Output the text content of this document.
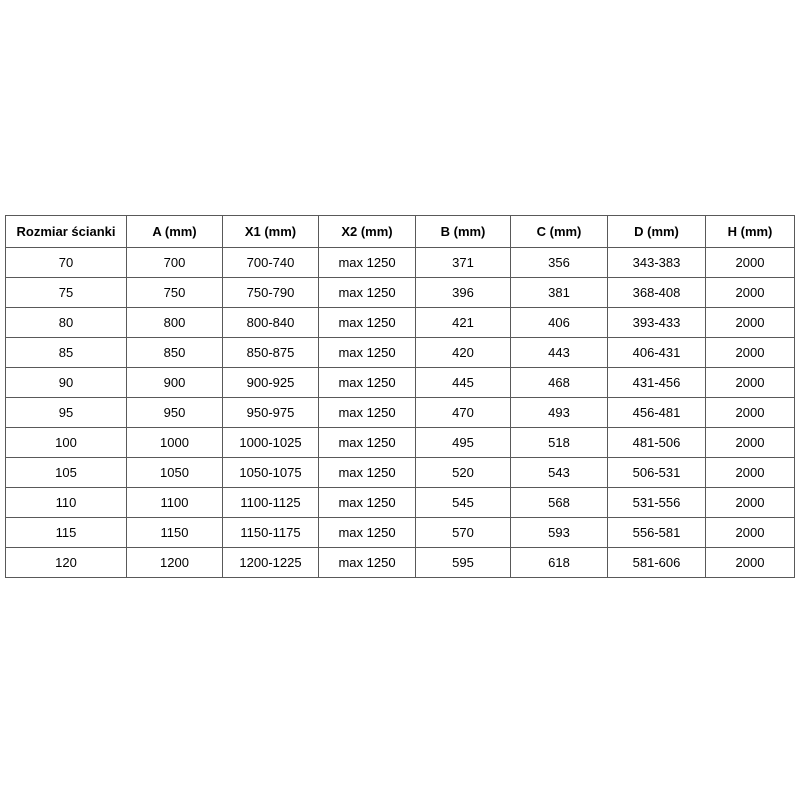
Rozmiar ścianki	A (mm)	X1 (mm)	X2 (mm)	B (mm)	C (mm)	D (mm)	H (mm)
70	700	700-740	max 1250	371	356	343-383	2000
75	750	750-790	max 1250	396	381	368-408	2000
80	800	800-840	max 1250	421	406	393-433	2000
85	850	850-875	max 1250	420	443	406-431	2000
90	900	900-925	max 1250	445	468	431-456	2000
95	950	950-975	max 1250	470	493	456-481	2000
100	1000	1000-1025	max 1250	495	518	481-506	2000
105	1050	1050-1075	max 1250	520	543	506-531	2000
110	1100	1100-1125	max 1250	545	568	531-556	2000
115	1150	1150-1175	max 1250	570	593	556-581	2000
120	1200	1200-1225	max 1250	595	618	581-606	2000
